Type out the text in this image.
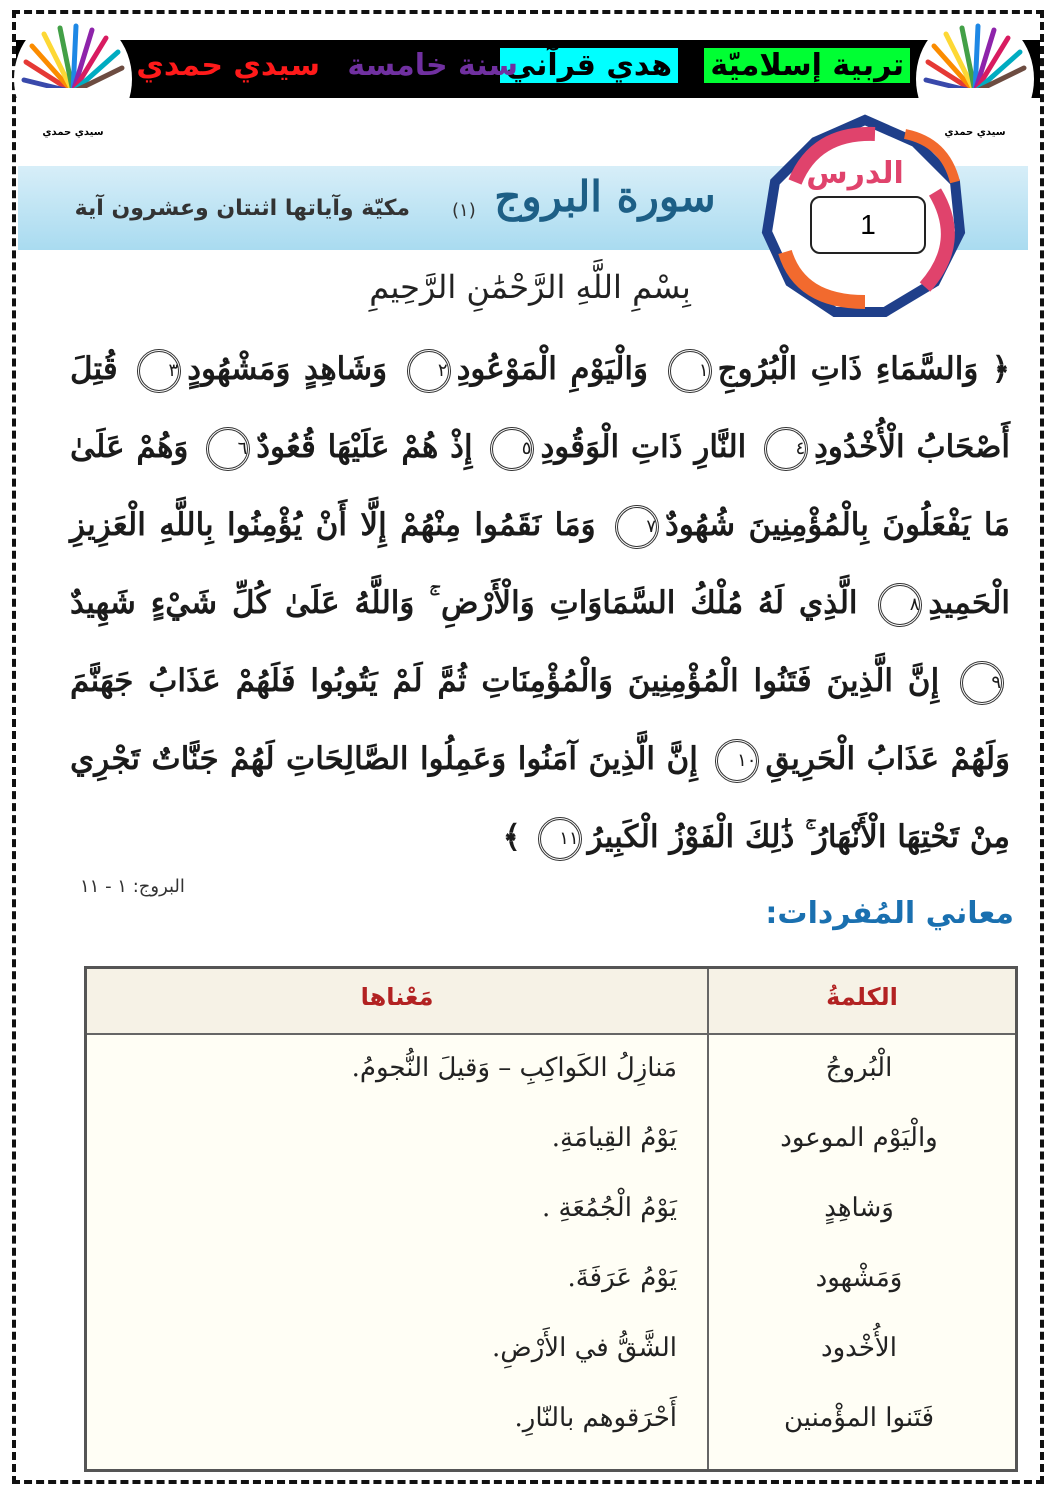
سيدي حمدي	سيدي حمدي
تربية إسلاميّة
هدي قرآني
سنة خامسة
سيدي حمدي
الدرس
1
سورة البروج
(١)
مكيّة وآياتها اثنتان وعشرون آية
بِسْمِ اللَّهِ الرَّحْمَٰنِ الرَّحِيمِ
﴿ وَالسَّمَاءِ ذَاتِ الْبُرُوجِ١ وَالْيَوْمِ الْمَوْعُودِ٢ وَشَاهِدٍ وَمَشْهُودٍ٣ قُتِلَ أَصْحَابُ الْأُخْدُودِ٤ النَّارِ ذَاتِ الْوَقُودِ٥ إِذْ هُمْ عَلَيْهَا قُعُودٌ٦ وَهُمْ عَلَىٰ مَا يَفْعَلُونَ بِالْمُؤْمِنِينَ شُهُودٌ٧ وَمَا نَقَمُوا مِنْهُمْ إِلَّا أَنْ يُؤْمِنُوا بِاللَّهِ الْعَزِيزِ الْحَمِيدِ٨ الَّذِي لَهُ مُلْكُ السَّمَاوَاتِ وَالْأَرْضِ ۚ وَاللَّهُ عَلَىٰ كُلِّ شَيْءٍ شَهِيدٌ٩ إِنَّ الَّذِينَ فَتَنُوا الْمُؤْمِنِينَ وَالْمُؤْمِنَاتِ ثُمَّ لَمْ يَتُوبُوا فَلَهُمْ عَذَابُ جَهَنَّمَ وَلَهُمْ عَذَابُ الْحَرِيقِ١٠ إِنَّ الَّذِينَ آمَنُوا وَعَمِلُوا الصَّالِحَاتِ لَهُمْ جَنَّاتٌ تَجْرِي مِنْ تَحْتِهَا الْأَنْهَارُ ۚ ذَٰلِكَ الْفَوْزُ الْكَبِيرُ١١ ﴾
البروج: ١ - ١١
معاني المُفردات:
الكلمةُ
مَعْناها
الْبُروجُ
مَنازِلُ الكَواكِبِ – وَقيلَ النُّجومُ.
والْيَوْم الموعود
يَوْمُ القِيامَةِ.
وَشاهِدٍ
يَوْمُ الْجُمُعَةِ .
وَمَشْهود
يَوْمُ عَرَفَةَ.
الأُخْدود
الشَّقُّ في الأَرْضِ.
فَتَنوا المؤْمنين
أَحْرَقوهم بالنّارِ.
